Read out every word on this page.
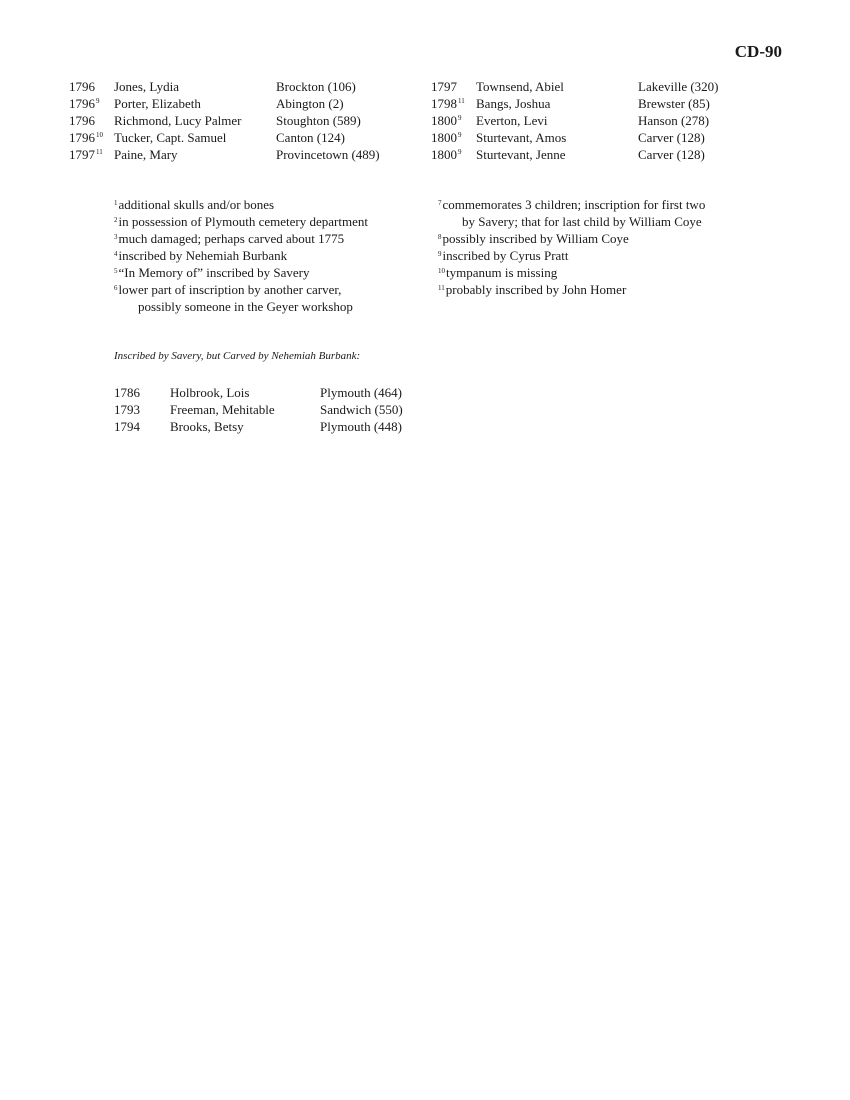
CD-90
1796 Jones, Lydia	Brockton (106)
1796$^9$ Porter, Elizabeth	Abington (2)
1796 Richmond, Lucy Palmer	Stoughton (589)
1796$^{10}$ Tucker, Capt. Samuel	Canton (124)
1797$^{11}$ Paine, Mary	Provincetown (489)
1797 Townsend, Abiel	Lakeville (320)
1798$^{11}$ Bangs, Joshua	Brewster (85)
1800$^9$ Everton, Levi	Hanson (278)
1800$^9$ Sturtevant, Amos	Carver (128)
1800$^9$ Sturtevant, Jenne	Carver (128)
$^1$additional skulls and/or bones
$^2$in possession of Plymouth cemetery department
$^3$much damaged; perhaps carved about 1775
$^4$inscribed by Nehemiah Burbank
$^5$“In Memory of” inscribed by Savery
$^6$lower part of inscription by another carver,
possibly someone in the Geyer workshop
$^7$commemorates 3 children; inscription for first two
by Savery; that for last child by William Coye
$^8$possibly inscribed by William Coye
$^9$inscribed by Cyrus Pratt
$^{10}$tympanum is missing
$^{11}$probably inscribed by John Homer
Inscribed by Savery, but Carved by Nehemiah Burbank:
1786 Holbrook, Lois	Plymouth (464)
1793 Freeman, Mehitable	Sandwich (550)
1794 Brooks, Betsy	Plymouth (448)
